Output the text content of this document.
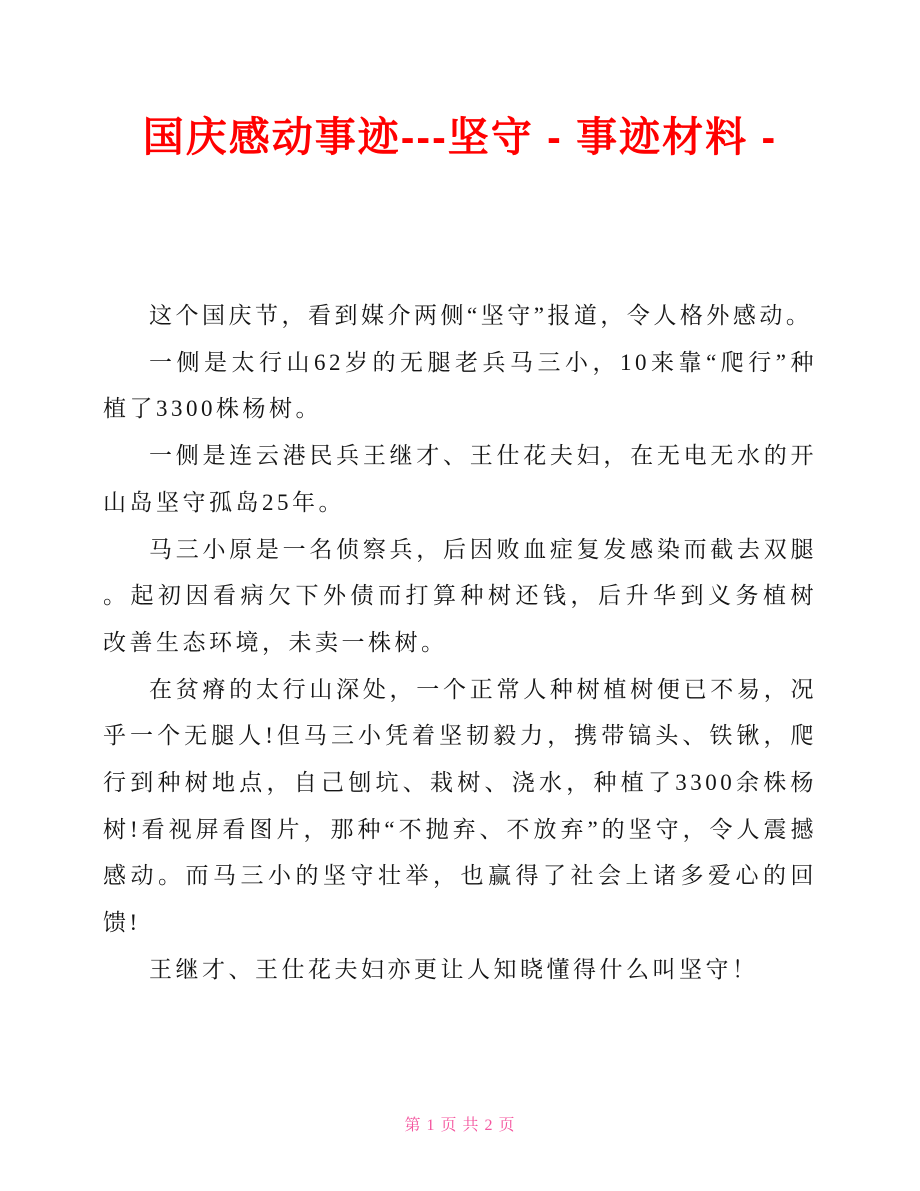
国庆感动事迹---坚守 - 事迹材料 -

这个国庆节，看到媒介两侧“坚守”报道，令人格外感动。

一侧是太行山62岁的无腿老兵马三小，10来靠“爬行”种植了3300株杨树。

一侧是连云港民兵王继才、王仕花夫妇，在无电无水的开山岛坚守孤岛25年。

马三小原是一名侦察兵，后因败血症复发感染而截去双腿。起初因看病欠下外债而打算种树还钱，后升华到义务植树改善生态环境，未卖一株树。

在贫瘠的太行山深处，一个正常人种树植树便已不易，况乎一个无腿人!但马三小凭着坚韧毅力，携带镐头、铁锹，爬行到种树地点，自己刨坑、栽树、浇水，种植了3300余株杨树!看视屏看图片，那种“不抛弃、不放弃”的坚守，令人震撼感动。而马三小的坚守壮举，也赢得了社会上诸多爱心的回馈!

王继才、王仕花夫妇亦更让人知晓懂得什么叫坚守！

第 1 页 共 2 页
